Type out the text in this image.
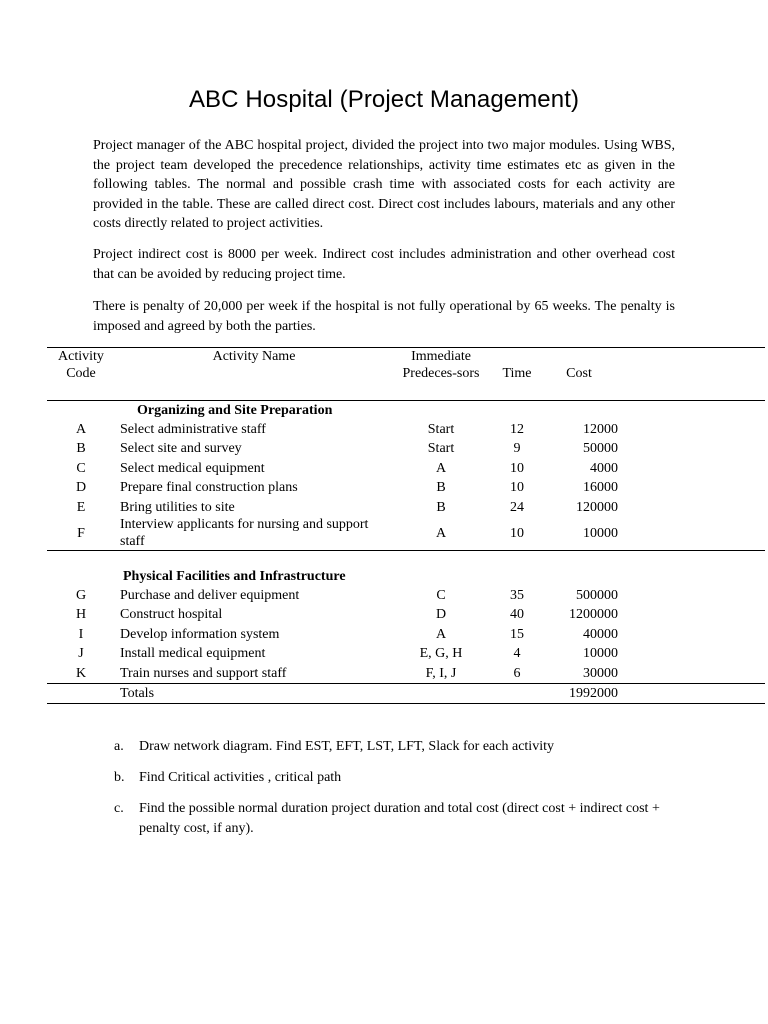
ABC Hospital (Project Management)

Project manager of the ABC hospital project, divided the project into two major modules. Using WBS, the project team developed the precedence relationships, activity time estimates etc as given in the following tables. The normal and possible crash time with associated costs for each activity are provided in the table. These are called direct cost. Direct cost includes labours, materials and any other costs directly related to project activities.

Project indirect cost is 8000 per week. Indirect cost includes administration and other overhead cost that can be avoided by reducing project time.

There is penalty of 20,000 per week if the hospital is not fully operational by 65 weeks. The penalty is imposed and agreed by both the parties.

Activity Code	Activity Name	Immediate Predeces-sors	Time	Cost	
	Organizing and Site Preparation				
A	Select administrative staff	Start	12	12000	
B	Select site and survey	Start	9	50000	
C	Select medical equipment	A	10	4000	
D	Prepare final construction plans	B	10	16000	
E	Bring utilities to site	B	24	120000	
F	Interview applicants for nursing and support staff	A	10	10000	
	Physical Facilities and Infrastructure				
G	Purchase and deliver equipment	C	35	500000	
H	Construct hospital	D	40	1200000	
I	Develop information system	A	15	40000	
J	Install medical equipment	E, G, H	4	10000	
K	Train nurses and support staff	F, I, J	6	30000	
	Totals			1992000	
a. Draw network diagram. Find EST, EFT, LST, LFT, Slack for each activity
b. Find Critical activities , critical path
c. Find the possible normal duration project duration and total cost (direct cost + indirect cost + penalty cost, if any).
